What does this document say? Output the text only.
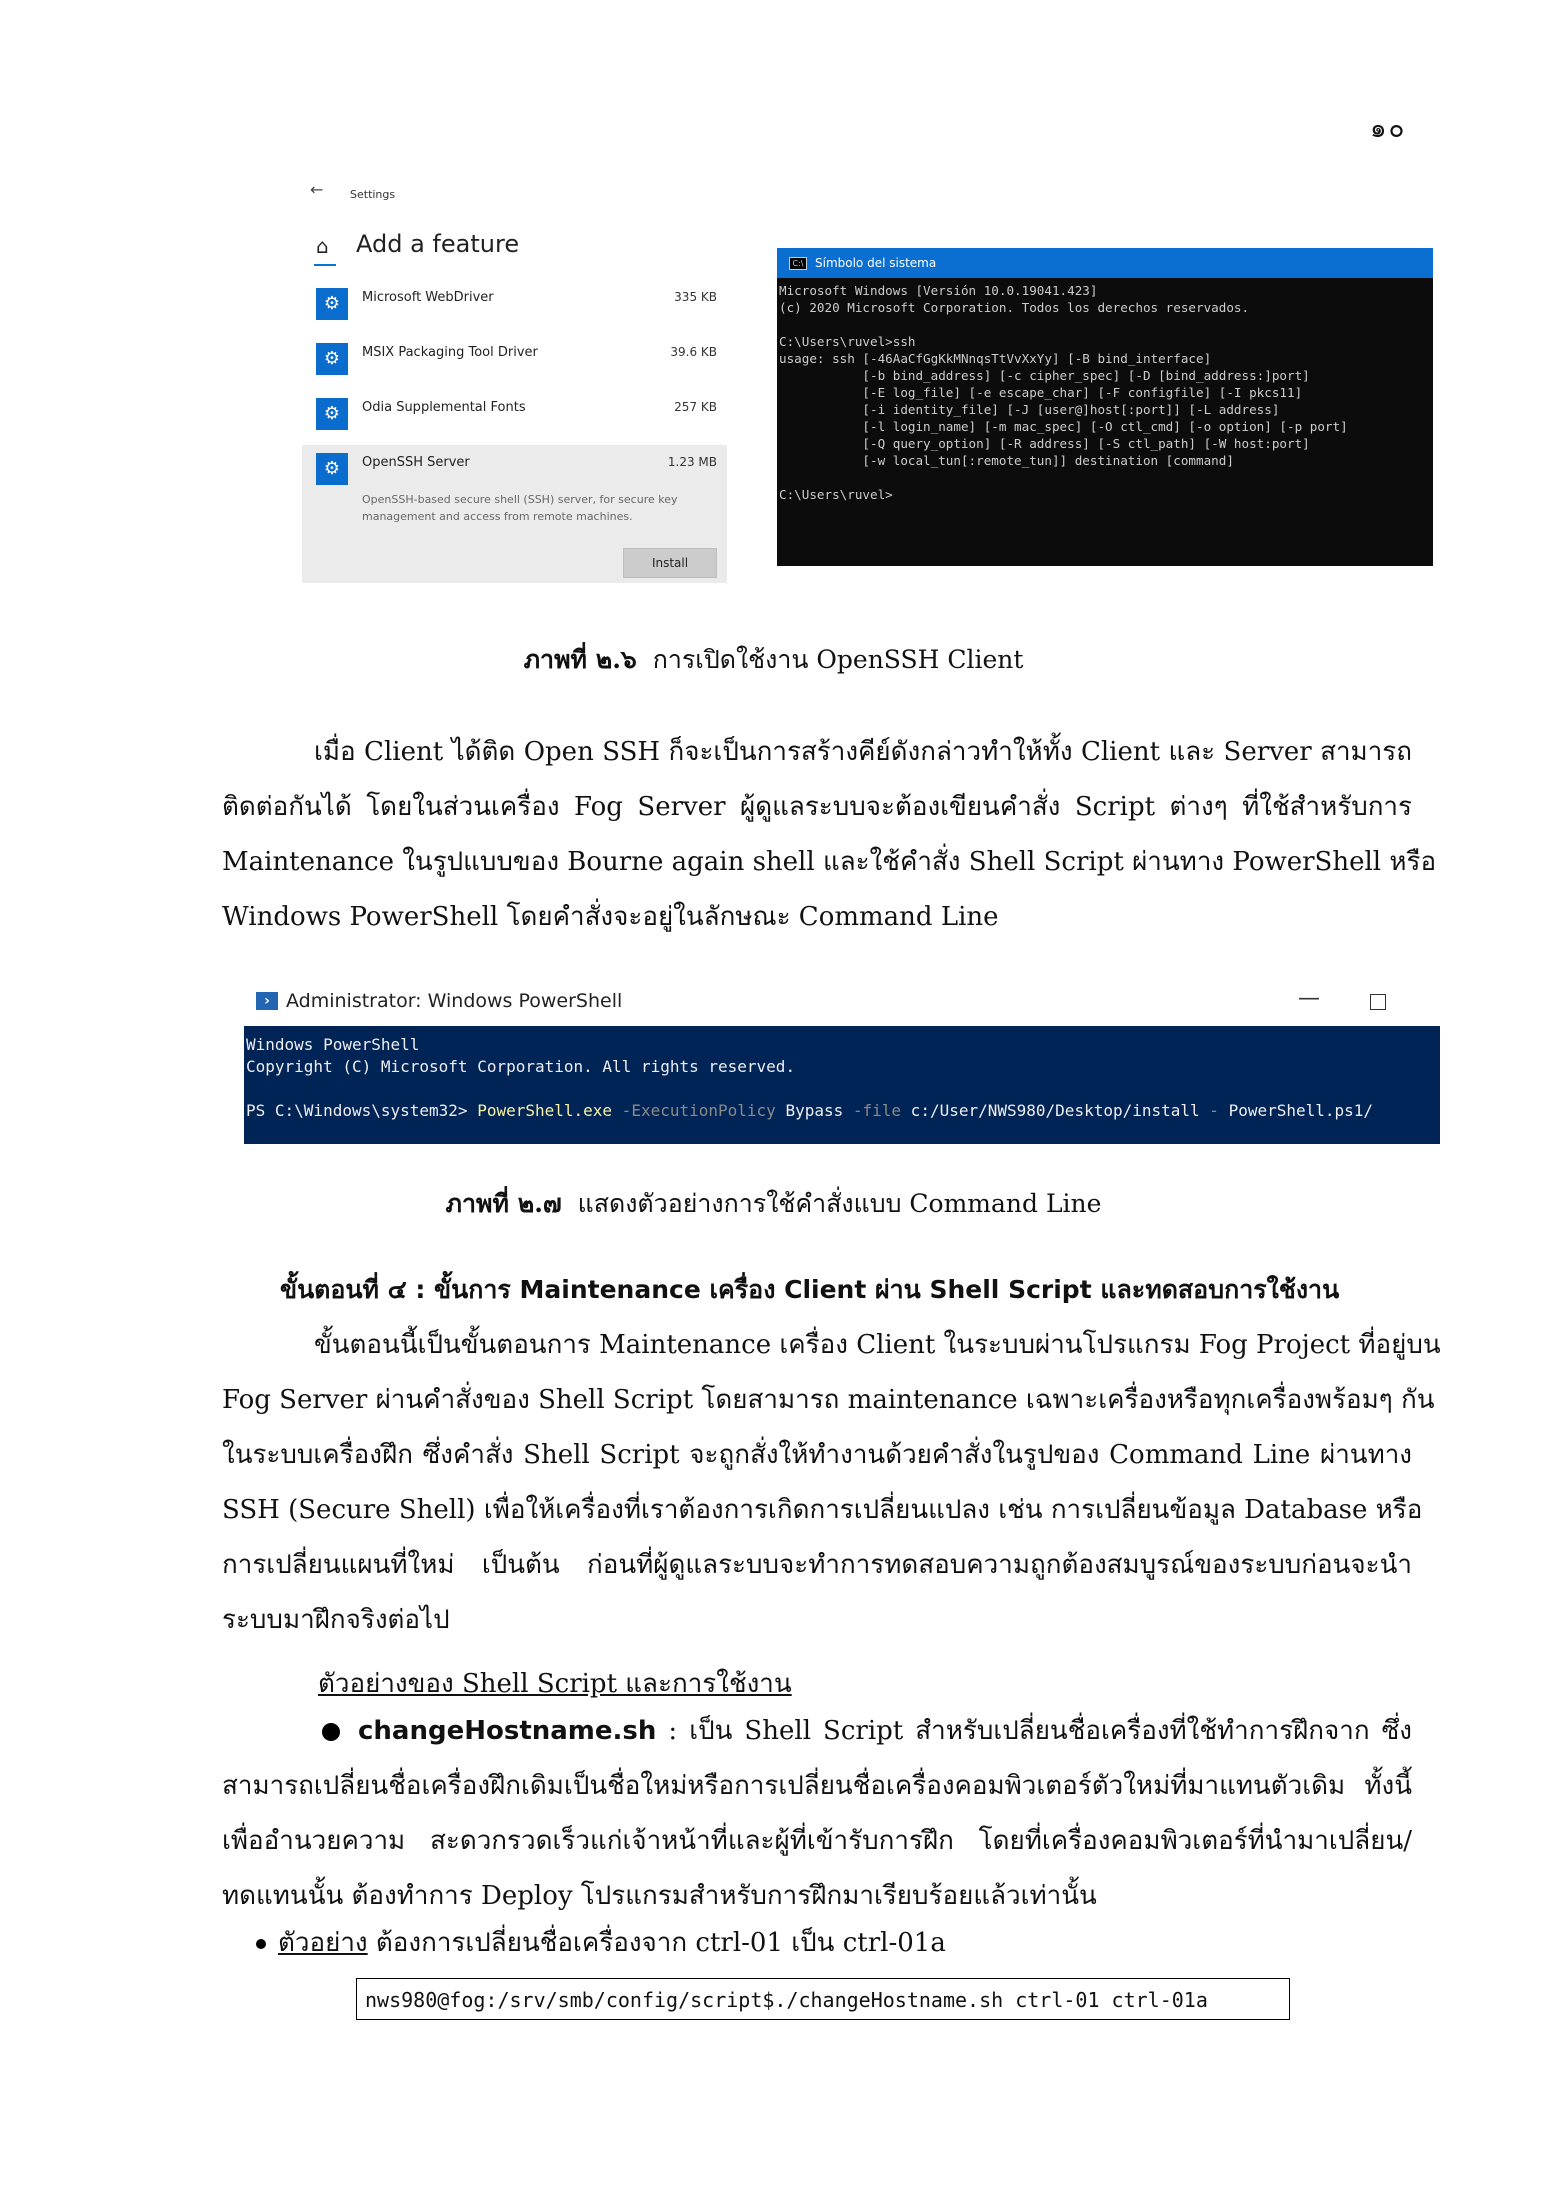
๑๐
← Settings
⌂ Add a feature
⚙	Microsoft WebDriver	335 KB
⚙	MSIX Packaging Tool Driver	39.6 KB
⚙	Odia Supplemental Fonts	257 KB
⚙	OpenSSH Server	1.23 MB
OpenSSH-based secure shell (SSH) server, for secure key management and access from remote machines.
Install
C:\ Símbolo del sistema
Microsoft Windows [Versión 10.0.19041.423]
(c) 2020 Microsoft Corporation. Todos los derechos reservados.

C:\Users\ruvel>ssh
usage: ssh [-46AaCfGgKkMNnqsTtVvXxYy] [-B bind_interface]
[-b bind_address] [-c cipher_spec] [-D [bind_address:]port]
[-E log_file] [-e escape_char] [-F configfile] [-I pkcs11]
[-i identity_file] [-J [user@]host[:port]] [-L address]
[-l login_name] [-m mac_spec] [-O ctl_cmd] [-o option] [-p port]
[-Q query_option] [-R address] [-S ctl_path] [-W host:port]
[-w local_tun[:remote_tun]] destination [command]

C:\Users\ruvel>
ภาพที่ ๒.๖ การเปิดใช้งาน OpenSSH Client
เมื่อ Client ได้ติด Open SSH ก็จะเป็นการสร้างคีย์ดังกล่าวทำให้ทั้ง Client และ Server สามารถ
ติดต่อกันได้ โดยในส่วนเครื่อง Fog Server ผู้ดูแลระบบจะต้องเขียนคำสั่ง Script ต่างๆ ที่ใช้สำหรับการ
Maintenance ในรูปแบบของ Bourne again shell และใช้คำสั่ง Shell Script ผ่านทาง PowerShell หรือ
Windows PowerShell โดยคำสั่งจะอยู่ในลักษณะ Command Line
› Administrator: Windows PowerShell	—
Windows PowerShell
Copyright (C) Microsoft Corporation. All rights reserved.

PS C:\Windows\system32> PowerShell.exe -ExecutionPolicy Bypass -file c:/User/NWS980/Desktop/install - PowerShell.ps1/
ภาพที่ ๒.๗ แสดงตัวอย่างการใช้คำสั่งแบบ Command Line
ขั้นตอนที่ ๔ : ขั้นการ Maintenance เครื่อง Client ผ่าน Shell Script และทดสอบการใช้งาน
ขั้นตอนนี้เป็นขั้นตอนการ Maintenance เครื่อง Client ในระบบผ่านโปรแกรม Fog Project ที่อยู่บน
Fog Server ผ่านคำสั่งของ Shell Script โดยสามารถ maintenance เฉพาะเครื่องหรือทุกเครื่องพร้อมๆ กัน
ในระบบเครื่องฝึก ซึ่งคำสั่ง Shell Script จะถูกสั่งให้ทำงานด้วยคำสั่งในรูปของ Command Line ผ่านทาง
SSH (Secure Shell) เพื่อให้เครื่องที่เราต้องการเกิดการเปลี่ยนแปลง เช่น การเปลี่ยนข้อมูล Database หรือ
การเปลี่ยนแผนที่ใหม่ เป็นต้น ก่อนที่ผู้ดูแลระบบจะทำการทดสอบความถูกต้องสมบูรณ์ของระบบก่อนจะนำ
ระบบมาฝึกจริงต่อไป
ตัวอย่างของ Shell Script และการใช้งาน
changeHostname.sh : เป็น Shell Script สำหรับเปลี่ยนชื่อเครื่องที่ใช้ทำการฝึกจาก ซึ่ง
สามารถเปลี่ยนชื่อเครื่องฝึกเดิมเป็นชื่อใหม่หรือการเปลี่ยนชื่อเครื่องคอมพิวเตอร์ตัวใหม่ที่มาแทนตัวเดิม ทั้งนี้
เพื่ออำนวยความ สะดวกรวดเร็วแก่เจ้าหน้าที่และผู้ที่เข้ารับการฝึก โดยที่เครื่องคอมพิวเตอร์ที่นำมาเปลี่ยน/
ทดแทนนั้น ต้องทำการ Deploy โปรแกรมสำหรับการฝึกมาเรียบร้อยแล้วเท่านั้น
ตัวอย่าง ต้องการเปลี่ยนชื่อเครื่องจาก ctrl-01 เป็น ctrl-01a
nws980@fog:/srv/smb/config/script$./changeHostname.sh ctrl-01 ctrl-01a
